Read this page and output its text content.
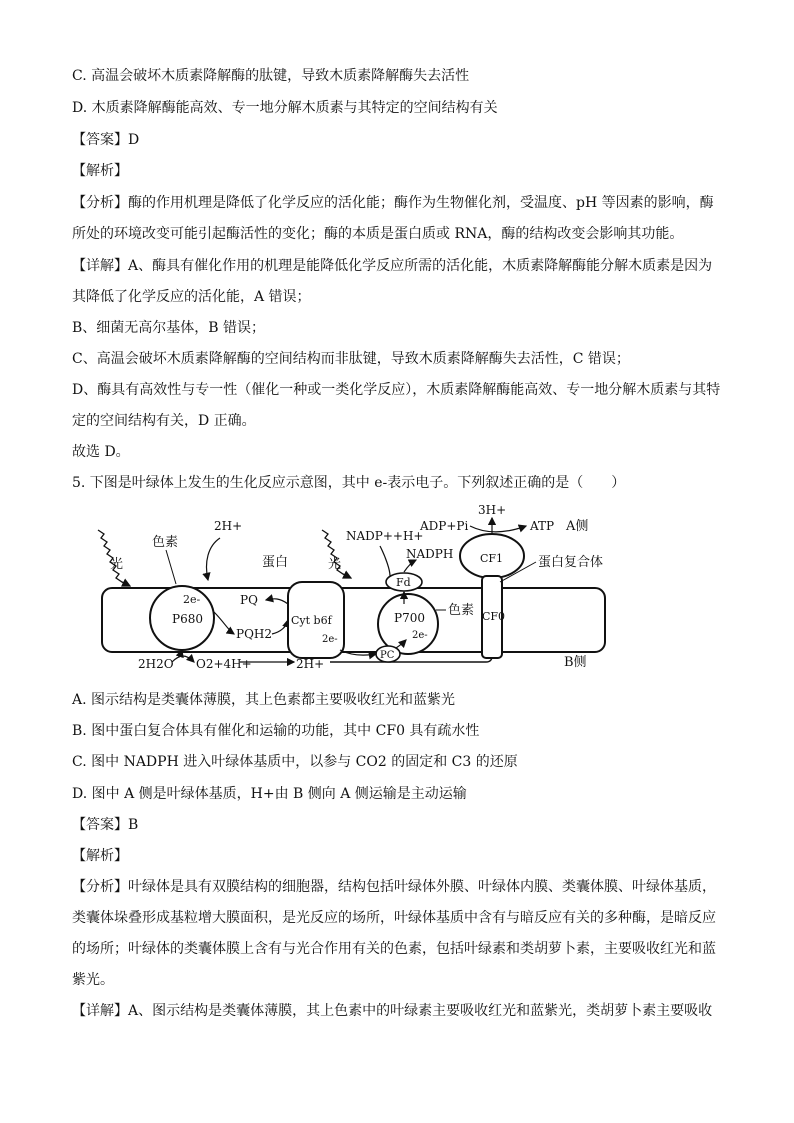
C. 高温会破坏木质素降解酶的肽键，导致木质素降解酶失去活性
D. 木质素降解酶能高效、专一地分解木质素与其特定的空间结构有关
【答案】D
【解析】
【分析】酶的作用机理是降低了化学反应的活化能；酶作为生物催化剂，受温度、pH 等因素的影响，酶
所处的环境改变可能引起酶活性的变化；酶的本质是蛋白质或 RNA，酶的结构改变会影响其功能。
【详解】A、酶具有催化作用的机理是能降低化学反应所需的活化能，木质素降解酶能分解木质素是因为
其降低了化学反应的活化能，A 错误；
B、细菌无高尔基体，B 错误；
C、高温会破坏木质素降解酶的空间结构而非肽键，导致木质素降解酶失去活性，C 错误；
D、酶具有高效性与专一性（催化一种或一类化学反应），木质素降解酶能高效、专一地分解木质素与其特
定的空间结构有关，D 正确。
故选 D。
5. 下图是叶绿体上发生的生化反应示意图，其中 e-表示电子。下列叙述正确的是（　　）
光
色素
2e-
P680
2H+
PQ
PQH2
蛋白
Cyt b6f
2e-
2H2O O2+4H+	2H+
NADP++H+
NADPH
光
Fd
P700
2e-
色素
PC
CF1
CF0
3H+
ADP+Pi	ATP A侧
蛋白复合体
B侧
A. 图示结构是类囊体薄膜，其上色素都主要吸收红光和蓝紫光
B. 图中蛋白复合体具有催化和运输的功能，其中 CF0 具有疏水性
C. 图中 NADPH 进入叶绿体基质中，以参与 CO2 的固定和 C3 的还原
D. 图中 A 侧是叶绿体基质，H+由 B 侧向 A 侧运输是主动运输
【答案】B
【解析】
【分析】叶绿体是具有双膜结构的细胞器，结构包括叶绿体外膜、叶绿体内膜、类囊体膜、叶绿体基质，
类囊体垛叠形成基粒增大膜面积，是光反应的场所，叶绿体基质中含有与暗反应有关的多种酶，是暗反应
的场所；叶绿体的类囊体膜上含有与光合作用有关的色素，包括叶绿素和类胡萝卜素，主要吸收红光和蓝
紫光。
【详解】A、图示结构是类囊体薄膜，其上色素中的叶绿素主要吸收红光和蓝紫光，类胡萝卜素主要吸收
